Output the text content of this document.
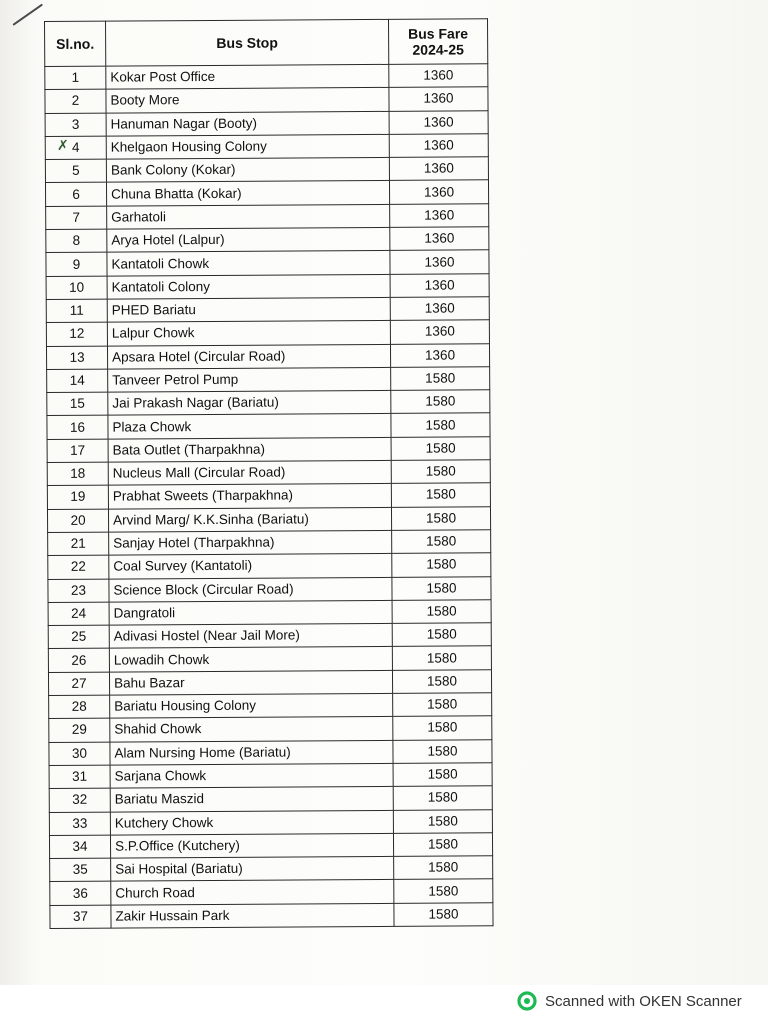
Sl.no.	Bus Stop	Bus Fare
2024-25

1	Kokar Post Office	1360
2	Booty More	1360
3	Hanuman Nagar (Booty)	1360
4	Khelgaon Housing Colony	1360
5	Bank Colony (Kokar)	1360
6	Chuna Bhatta (Kokar)	1360
7	Garhatoli	1360
8	Arya Hotel (Lalpur)	1360
9	Kantatoli Chowk	1360
10	Kantatoli Colony	1360
11	PHED Bariatu	1360
12	Lalpur Chowk	1360
13	Apsara Hotel (Circular Road)	1360
14	Tanveer Petrol Pump	1580
15	Jai Prakash Nagar (Bariatu)	1580
16	Plaza Chowk	1580
17	Bata Outlet (Tharpakhna)	1580
18	Nucleus Mall (Circular Road)	1580
19	Prabhat Sweets (Tharpakhna)	1580
20	Arvind Marg/ K.K.Sinha (Bariatu)	1580
21	Sanjay Hotel (Tharpakhna)	1580
22	Coal Survey (Kantatoli)	1580
23	Science Block (Circular Road)	1580
24	Dangratoli	1580
25	Adivasi Hostel (Near Jail More)	1580
26	Lowadih Chowk	1580
27	Bahu Bazar	1580
28	Bariatu Housing Colony	1580
29	Shahid Chowk	1580
30	Alam Nursing Home (Bariatu)	1580
31	Sarjana Chowk	1580
32	Bariatu Maszid	1580
33	Kutchery Chowk	1580
34	S.P.Office (Kutchery)	1580
35	Sai Hospital (Bariatu)	1580
36	Church Road	1580
37	Zakir Hussain Park	1580
✗
Scanned with OKEN Scanner
